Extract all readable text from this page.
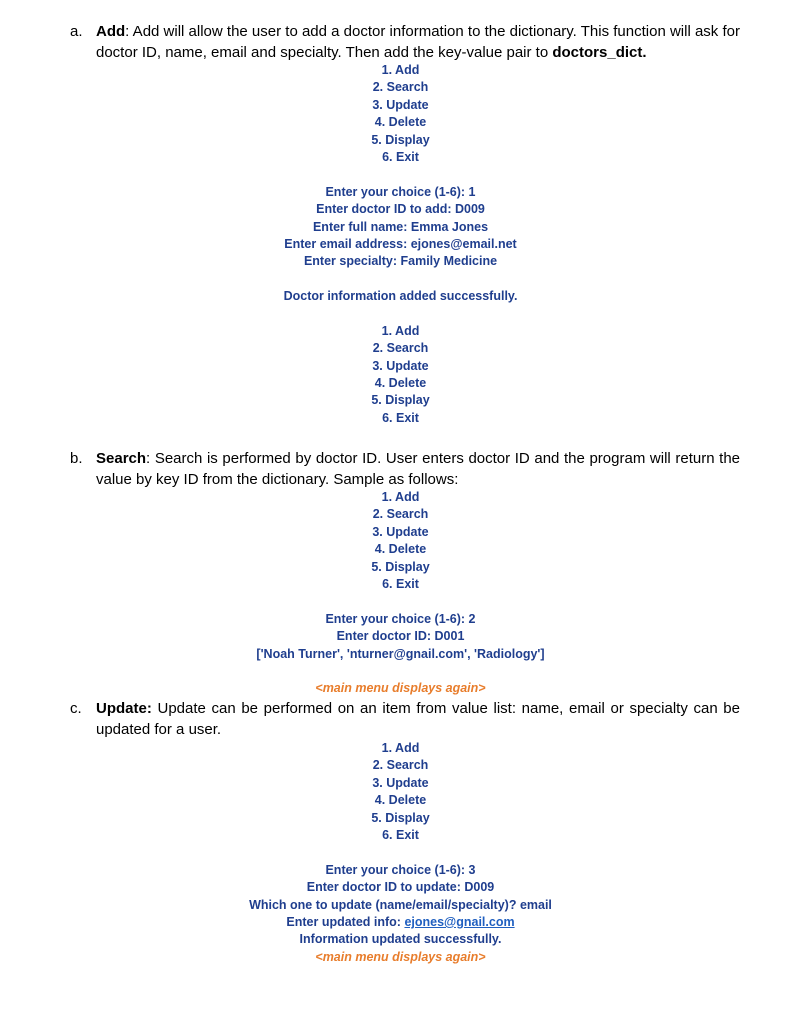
a. Add: Add will allow the user to add a doctor information to the dictionary. This function will ask for doctor ID, name, email and specialty. Then add the key-value pair to doctors_dict.
1. Add
2. Search
3. Update
4. Delete
5. Display
6. Exit
Enter your choice (1-6): 1
Enter doctor ID to add: D009
Enter full name: Emma Jones
Enter email address: ejones@email.net
Enter specialty: Family Medicine
Doctor information added successfully.
1. Add
2. Search
3. Update
4. Delete
5. Display
6. Exit
b. Search: Search is performed by doctor ID. User enters doctor ID and the program will return the value by key ID from the dictionary. Sample as follows:
1. Add
2. Search
3. Update
4. Delete
5. Display
6. Exit
Enter your choice (1-6): 2
Enter doctor ID: D001
['Noah Turner', 'nturner@gnail.com', 'Radiology']
<main menu displays again>
c. Update: Update can be performed on an item from value list: name, email or specialty can be updated for a user.
1. Add
2. Search
3. Update
4. Delete
5. Display
6. Exit
Enter your choice (1-6): 3
Enter doctor ID to update: D009
Which one to update (name/email/specialty)? email
Enter updated info: ejones@gnail.com
Information updated successfully.
<main menu displays again>
